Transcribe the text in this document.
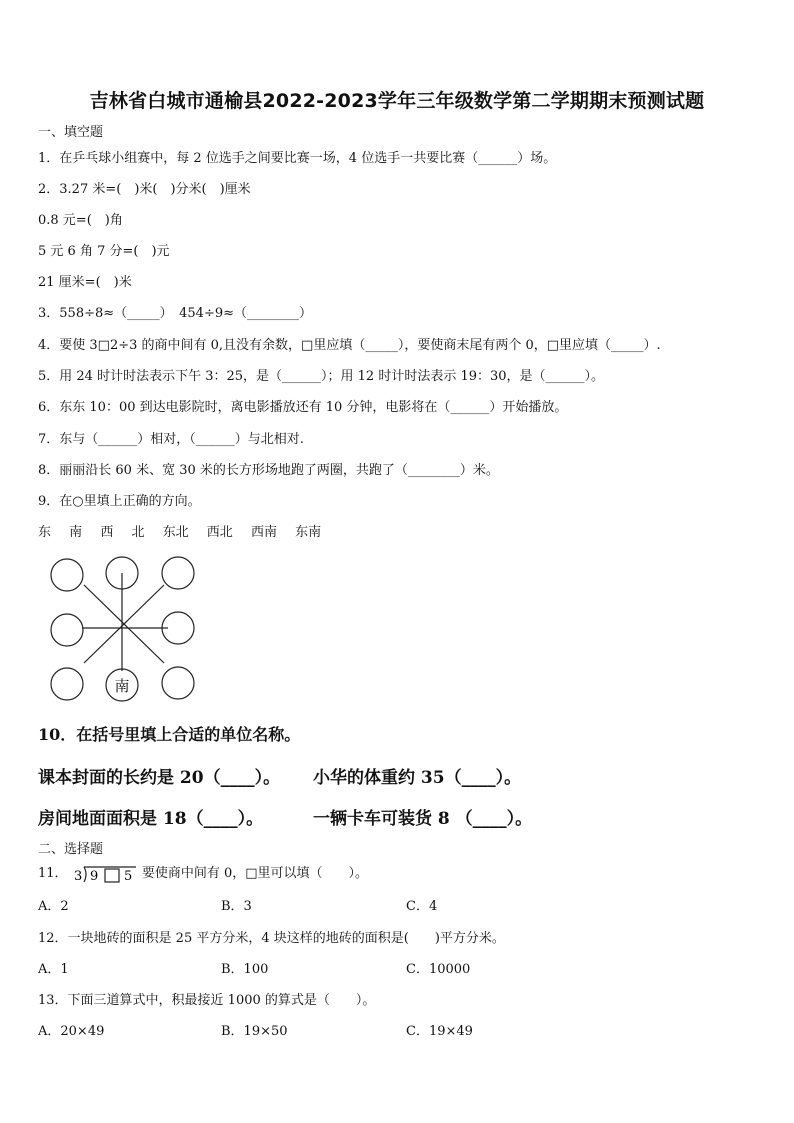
吉林省白城市通榆县2022-2023学年三年级数学第二学期期末预测试题
一、填空题
1．在乒乓球小组赛中，每 2 位选手之间要比赛一场，4 位选手一共要比赛（______）场。
2．3.27 米=(　)米(　)分米(　)厘米
0.8 元=(　)角
5 元 6 角 7 分=(　)元
21 厘米=(　)米
3．558÷8≈（_____）　454÷9≈（________）
4．要使 3□2÷3 的商中间有 0,且没有余数，□里应填（_____），要使商末尾有两个 0，□里应填（_____）.
5．用 24 时计时法表示下午 3：25，是（______）；用 12 时计时法表示 19：30，是（______）。
6．东东 10：00 到达电影院时，离电影播放还有 10 分钟，电影将在（______）开始播放。
7．东与（______）相对，（______）与北相对.
8．丽丽沿长 60 米、宽 30 米的长方形场地跑了两圈，共跑了（________）米。
9．在○里填上正确的方向。
东 南 西 北 东北 西北 西南 东南
南
10．在括号里填上合适的单位名称。
课本封面的长约是 20（____）。 小华的体重约 35（____）。
房间地面面积是 18（____）。	一辆卡车可装货 8 （____）。
二、选择题
11． 3 9 5 要使商中间有 0，□里可以填（　　）。
A．2	B．3	C．4
12．一块地砖的面积是 25 平方分米，4 块这样的地砖的面积是(　　)平方分米。
A．1	B．100	C．10000
13．下面三道算式中，积最接近 1000 的算式是（　　）。
A．20×49	B．19×50	C．19×49
